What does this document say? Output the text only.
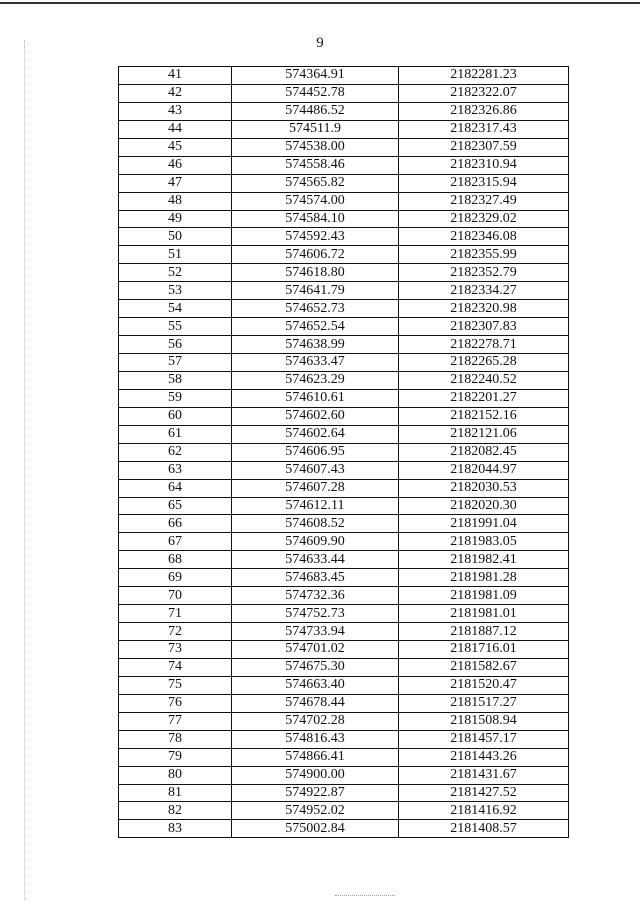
9
41	574364.91	2182281.23
42	574452.78	2182322.07
43	574486.52	2182326.86
44	574511.9	2182317.43
45	574538.00	2182307.59
46	574558.46	2182310.94
47	574565.82	2182315.94
48	574574.00	2182327.49
49	574584.10	2182329.02
50	574592.43	2182346.08
51	574606.72	2182355.99
52	574618.80	2182352.79
53	574641.79	2182334.27
54	574652.73	2182320.98
55	574652.54	2182307.83
56	574638.99	2182278.71
57	574633.47	2182265.28
58	574623.29	2182240.52
59	574610.61	2182201.27
60	574602.60	2182152.16
61	574602.64	2182121.06
62	574606.95	2182082.45
63	574607.43	2182044.97
64	574607.28	2182030.53
65	574612.11	2182020.30
66	574608.52	2181991.04
67	574609.90	2181983.05
68	574633.44	2181982.41
69	574683.45	2181981.28
70	574732.36	2181981.09
71	574752.73	2181981.01
72	574733.94	2181887.12
73	574701.02	2181716.01
74	574675.30	2181582.67
75	574663.40	2181520.47
76	574678.44	2181517.27
77	574702.28	2181508.94
78	574816.43	2181457.17
79	574866.41	2181443.26
80	574900.00	2181431.67
81	574922.87	2181427.52
82	574952.02	2181416.92
83	575002.84	2181408.57
